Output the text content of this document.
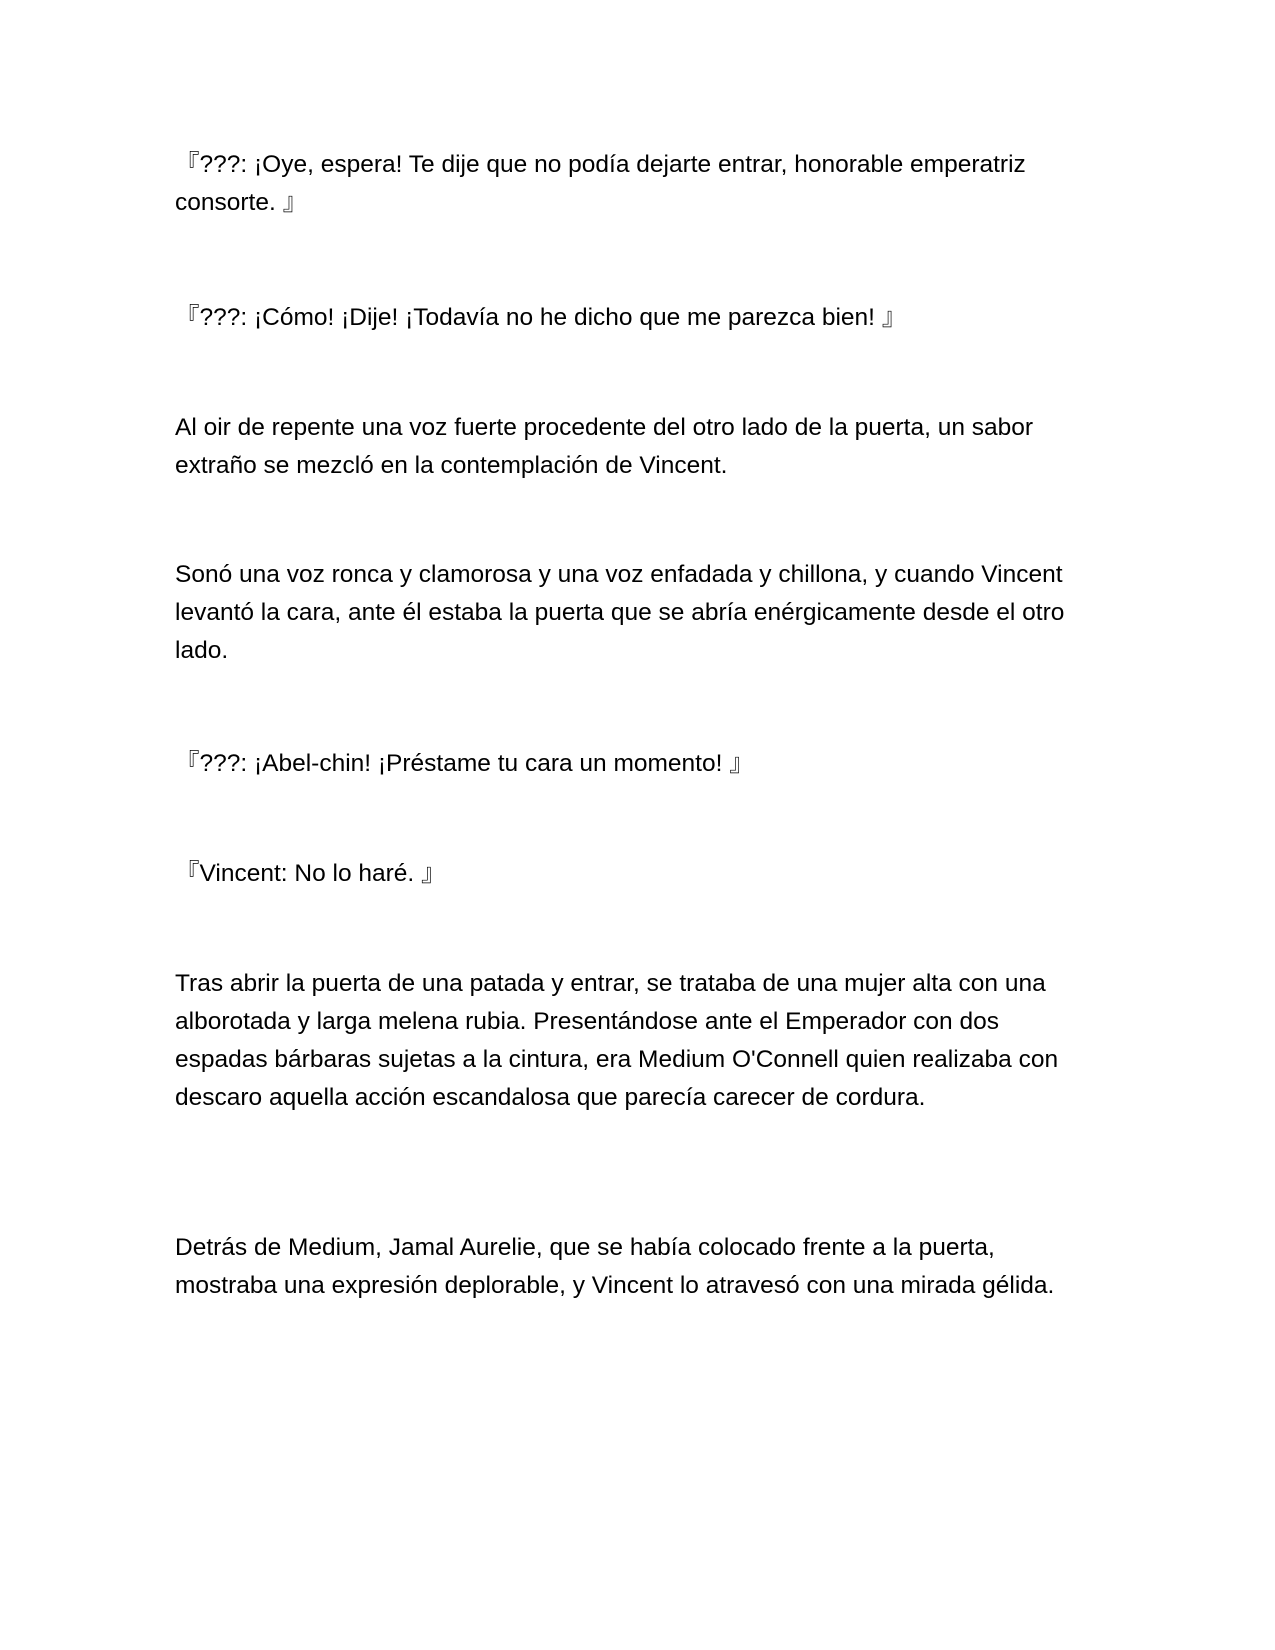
『???: ¡Oye, espera! Te dije que no podía dejarte entrar, honorable emperatriz consorte. 』

『???: ¡Cómo! ¡Dije! ¡Todavía no he dicho que me parezca bien! 』

Al oir de repente una voz fuerte procedente del otro lado de la puerta, un sabor extraño se mezcló en la contemplación de Vincent.

Sonó una voz ronca y clamorosa y una voz enfadada y chillona, y cuando Vincent levantó la cara, ante él estaba la puerta que se abría enérgicamente desde el otro lado.

『???: ¡Abel-chin! ¡Préstame tu cara un momento! 』

『Vincent: No lo haré. 』

Tras abrir la puerta de una patada y entrar, se trataba de una mujer alta con una alborotada y larga melena rubia. Presentándose ante el Emperador con dos espadas bárbaras sujetas a la cintura, era Medium O'Connell quien realizaba con descaro aquella acción escandalosa que parecía carecer de cordura.

Detrás de Medium, Jamal Aurelie, que se había colocado frente a la puerta, mostraba una expresión deplorable, y Vincent lo atravesó con una mirada gélida.
